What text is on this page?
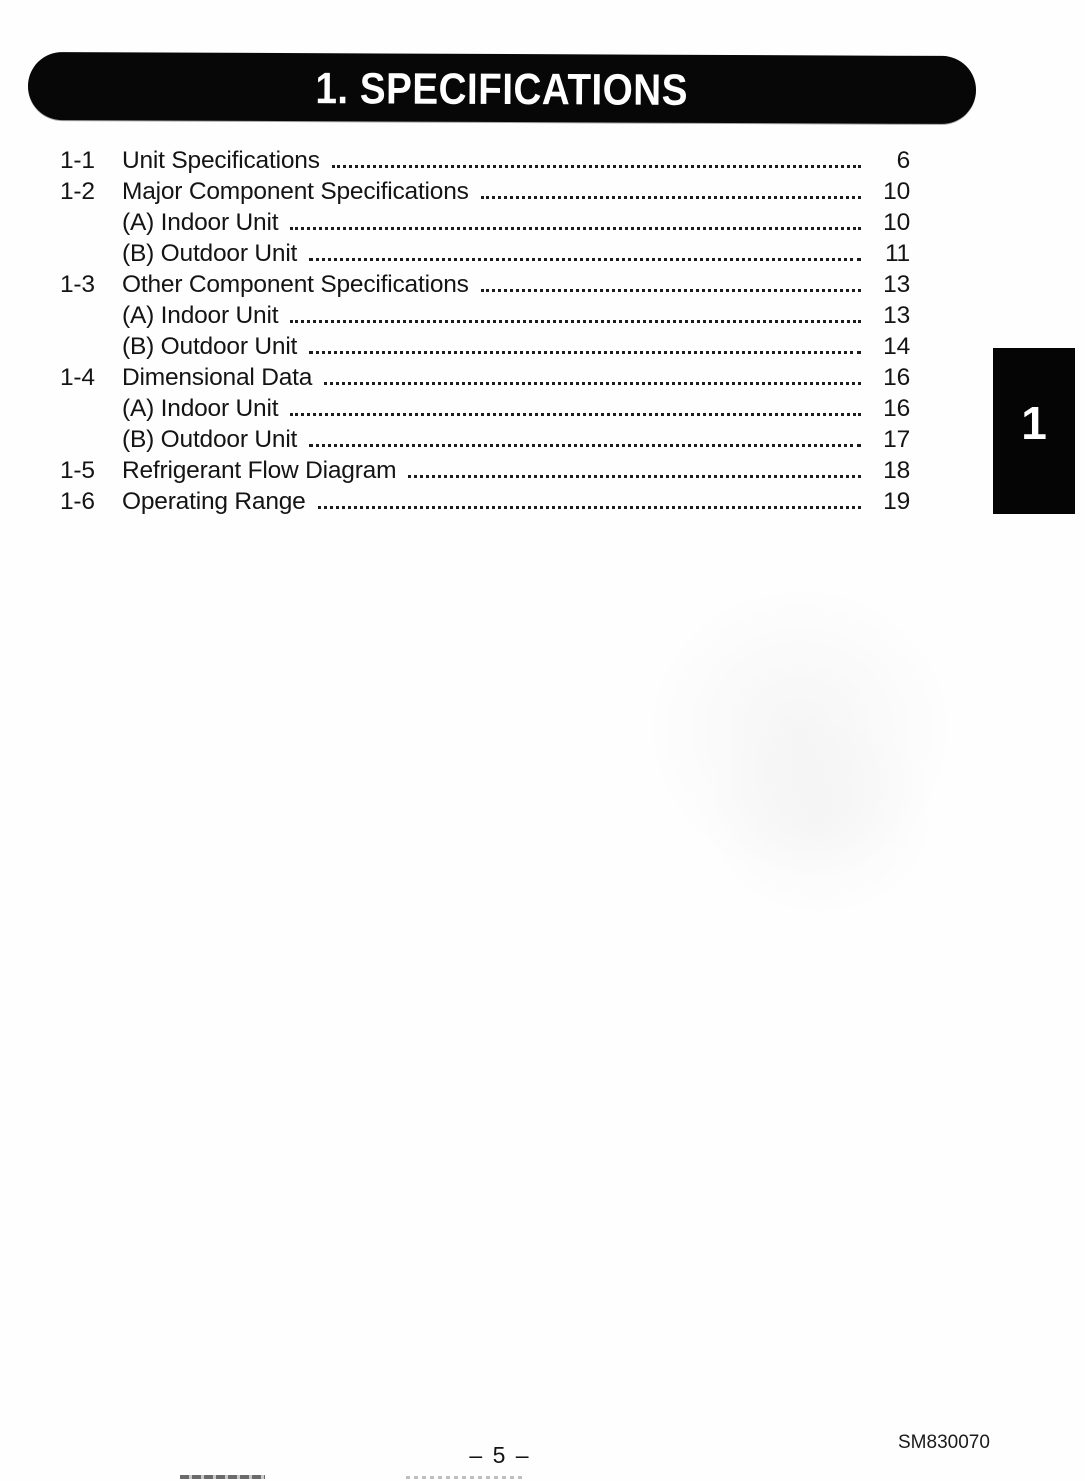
1. SPECIFICATIONS
1-1	Unit Specifications	6
1-2	Major Component Specifications	10
(A) Indoor Unit	10
(B) Outdoor Unit	11
1-3	Other Component Specifications	13
(A) Indoor Unit	13
(B) Outdoor Unit	14
1-4	Dimensional Data	16
(A) Indoor Unit	16
(B) Outdoor Unit	17
1-5	Refrigerant Flow Diagram	18
1-6	Operating Range	19
1
– 5 –	SM830070
